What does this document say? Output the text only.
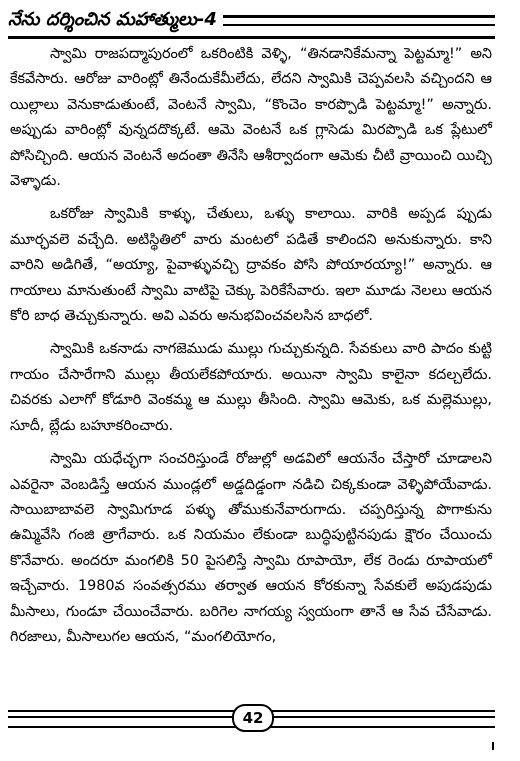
నేను దర్శించిన మహాత్ములు-4

స్వామి రాజపద్మాపురంలో ఒకరింటికి వెళ్ళి, “తినడానికేమన్నా పెట్టమ్మా!” అని కేకవేసారు. ఆరోజు వారింట్లో తినేందుకేమీలేదు, లేదని స్వామికి చెప్పవలసి వచ్చిందని ఆ యిల్లాలు వెనుకాడుతుంటే, వెంటనే స్వామి, “కొంచెం కారప్పొడి పెట్టమ్మా!” అన్నారు. అప్పుడు వారింట్లో వున్నదదొక్కటే. ఆమె వెంటనే ఒక గ్లాసెడు మిరప్పొడి ఒక ప్లేటులో పోసిచ్చింది. ఆయన వెంటనే అదంతా తినేసి ఆశీర్వాదంగా ఆమెకు చీటి వ్రాయించి యిచ్చి వెళ్ళాడు.

ఒకరోజు స్వామికి కాళ్ళు, చేతులు, ఒళ్ళు కాలాయి. వారికి అప్పడ ప్పుడు మూర్ఛవలె వచ్చేది. అటిస్థితిలో వారు మంటలో పడితే కాలిందని అనుకున్నారు. కాని వారిని అడిగితే, “అయ్యా, పైవాళ్ళువచ్చి ద్రావకం పోసి పోయారయ్యా!” అన్నారు. ఆ గాయాలు మానుతుంటే స్వామి వాటిపై చెక్కు పెరికేసేవారు. ఇలా మూడు నెలలు ఆయన కోరి బాధ తెచ్చుకున్నారు. అవి ఎవరు అనుభవించవలసిన బాధలో.

స్వామికి ఒకనాడు నాగజెముడు ముల్లు గుచ్చుకున్నది. సేవకులు వారి పాదం కుట్టి గాయం చేసారేగాని ముల్లు తీయలేకపోయారు. అయినా స్వామి కాలైనా కదల్చలేదు. చివరకు ఎలాగో కోడూరి వెంకమ్మ ఆ ముల్లు తీసింది. స్వామి ఆమెకు, ఒక మల్లెముల్లు, సూదీ, బ్లేడు బహూకరించారు.

స్వామి యధేచ్ఛగా సంచరిస్తుండే రోజుల్లో అడవిలో ఆయనేం చేస్తారో చూడాలని ఎవరైనా వెంబడిస్తే ఆయన ముండ్లలో అడ్డదిడ్డంగా నడిచి చిక్కకుండా వెళ్ళిపోయేవాడు. సాయిబాబావలె స్వామిగూడ పళ్ళు తోముకునేవారుగాదు. చప్పరిస్తున్న పొగాకును ఉమ్మివేసి గంజి త్రాగేవారు. ఒక నియమం లేకుండా బుద్ధిపుట్టినపుడు క్షౌరం చేయించు కొనేవారు. అందరూ మంగలికి 50 పైసలిస్తే స్వామి రూపాయో, లేక రెండు రూపాయలో ఇచ్చేవారు. 1980వ సంవత్సరము తర్వాత ఆయన కోరకున్నా సేవకులే అపుడపుడు మీసాలు, గుండూ చేయించేవారు. బరిగెల నాగయ్య స్వయంగా తానే ఆ సేవ చేసేవాడు. గిరజాలు, మీసాలుగల ఆయన, “మంగలియోగం,

42
